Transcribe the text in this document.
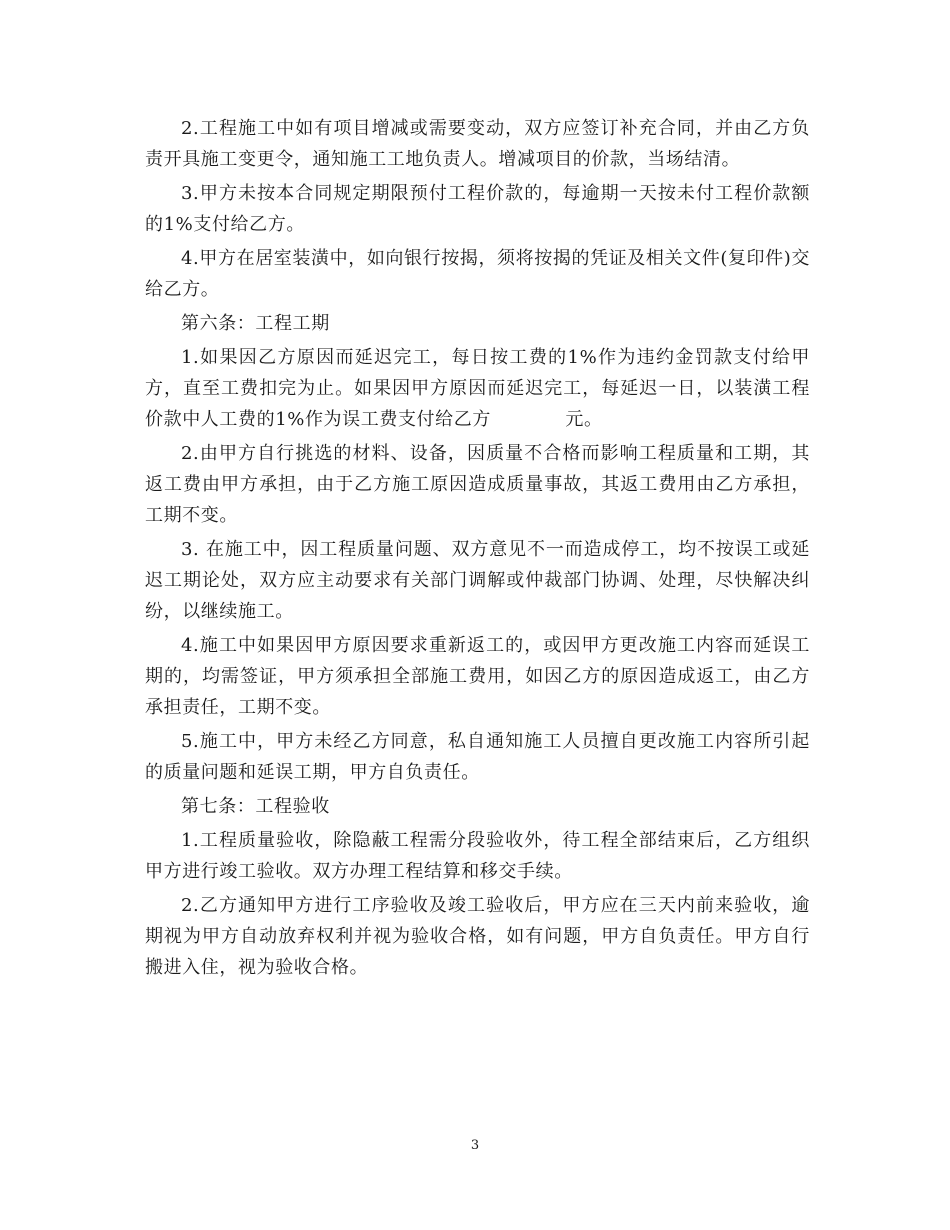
2.工程施工中如有项目增减或需要变动，双方应签订补充合同，并由乙方负责开具施工变更令，通知施工工地负责人。增减项目的价款，当场结清。

3.甲方未按本合同规定期限预付工程价款的，每逾期一天按未付工程价款额的1%支付给乙方。

4.甲方在居室装潢中，如向银行按揭，须将按揭的凭证及相关文件(复印件)交给乙方。

第六条：工程工期

1.如果因乙方原因而延迟完工，每日按工费的1%作为违约金罚款支付给甲方，直至工费扣完为止。如果因甲方原因而延迟完工，每延迟一日，以装潢工程价款中人工费的1%作为误工费支付给乙方　　　　元。

2.由甲方自行挑选的材料、设备，因质量不合格而影响工程质量和工期，其返工费由甲方承担，由于乙方施工原因造成质量事故，其返工费用由乙方承担，工期不变。

3. 在施工中，因工程质量问题、双方意见不一而造成停工，均不按误工或延迟工期论处，双方应主动要求有关部门调解或仲裁部门协调、处理，尽快解决纠纷，以继续施工。

4.施工中如果因甲方原因要求重新返工的，或因甲方更改施工内容而延误工期的，均需签证，甲方须承担全部施工费用，如因乙方的原因造成返工，由乙方承担责任，工期不变。

5.施工中，甲方未经乙方同意，私自通知施工人员擅自更改施工内容所引起的质量问题和延误工期，甲方自负责任。

第七条：工程验收

1.工程质量验收，除隐蔽工程需分段验收外，待工程全部结束后，乙方组织甲方进行竣工验收。双方办理工程结算和移交手续。

2.乙方通知甲方进行工序验收及竣工验收后，甲方应在三天内前来验收，逾期视为甲方自动放弃权利并视为验收合格，如有问题，甲方自负责任。甲方自行搬进入住，视为验收合格。

3
